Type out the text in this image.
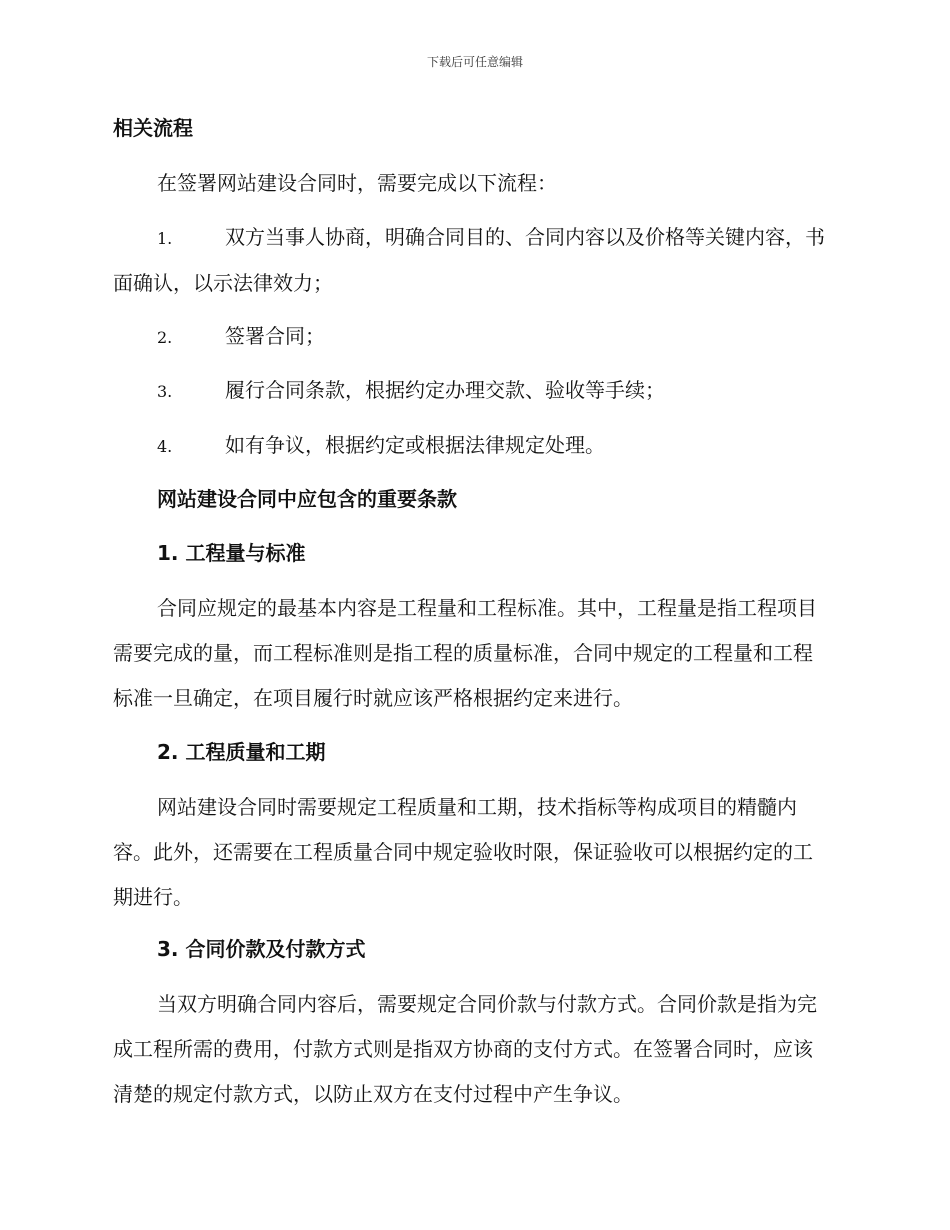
下载后可任意编辑

相关流程

在签署网站建设合同时，需要完成以下流程：

1.	双方当事人协商，明确合同目的、合同内容以及价格等关键内容，书面确认，以示法律效力；

2.	签署合同；

3.	履行合同条款，根据约定办理交款、验收等手续；

4.	如有争议，根据约定或根据法律规定处理。

网站建设合同中应包含的重要条款

1. 工程量与标准

合同应规定的最基本内容是工程量和工程标准。其中，工程量是指工程项目需要完成的量，而工程标准则是指工程的质量标准，合同中规定的工程量和工程标准一旦确定，在项目履行时就应该严格根据约定来进行。

2. 工程质量和工期

网站建设合同时需要规定工程质量和工期，技术指标等构成项目的精髓内容。此外，还需要在工程质量合同中规定验收时限，保证验收可以根据约定的工期进行。

3. 合同价款及付款方式

当双方明确合同内容后，需要规定合同价款与付款方式。合同价款是指为完成工程所需的费用，付款方式则是指双方协商的支付方式。在签署合同时，应该清楚的规定付款方式，以防止双方在支付过程中产生争议。
